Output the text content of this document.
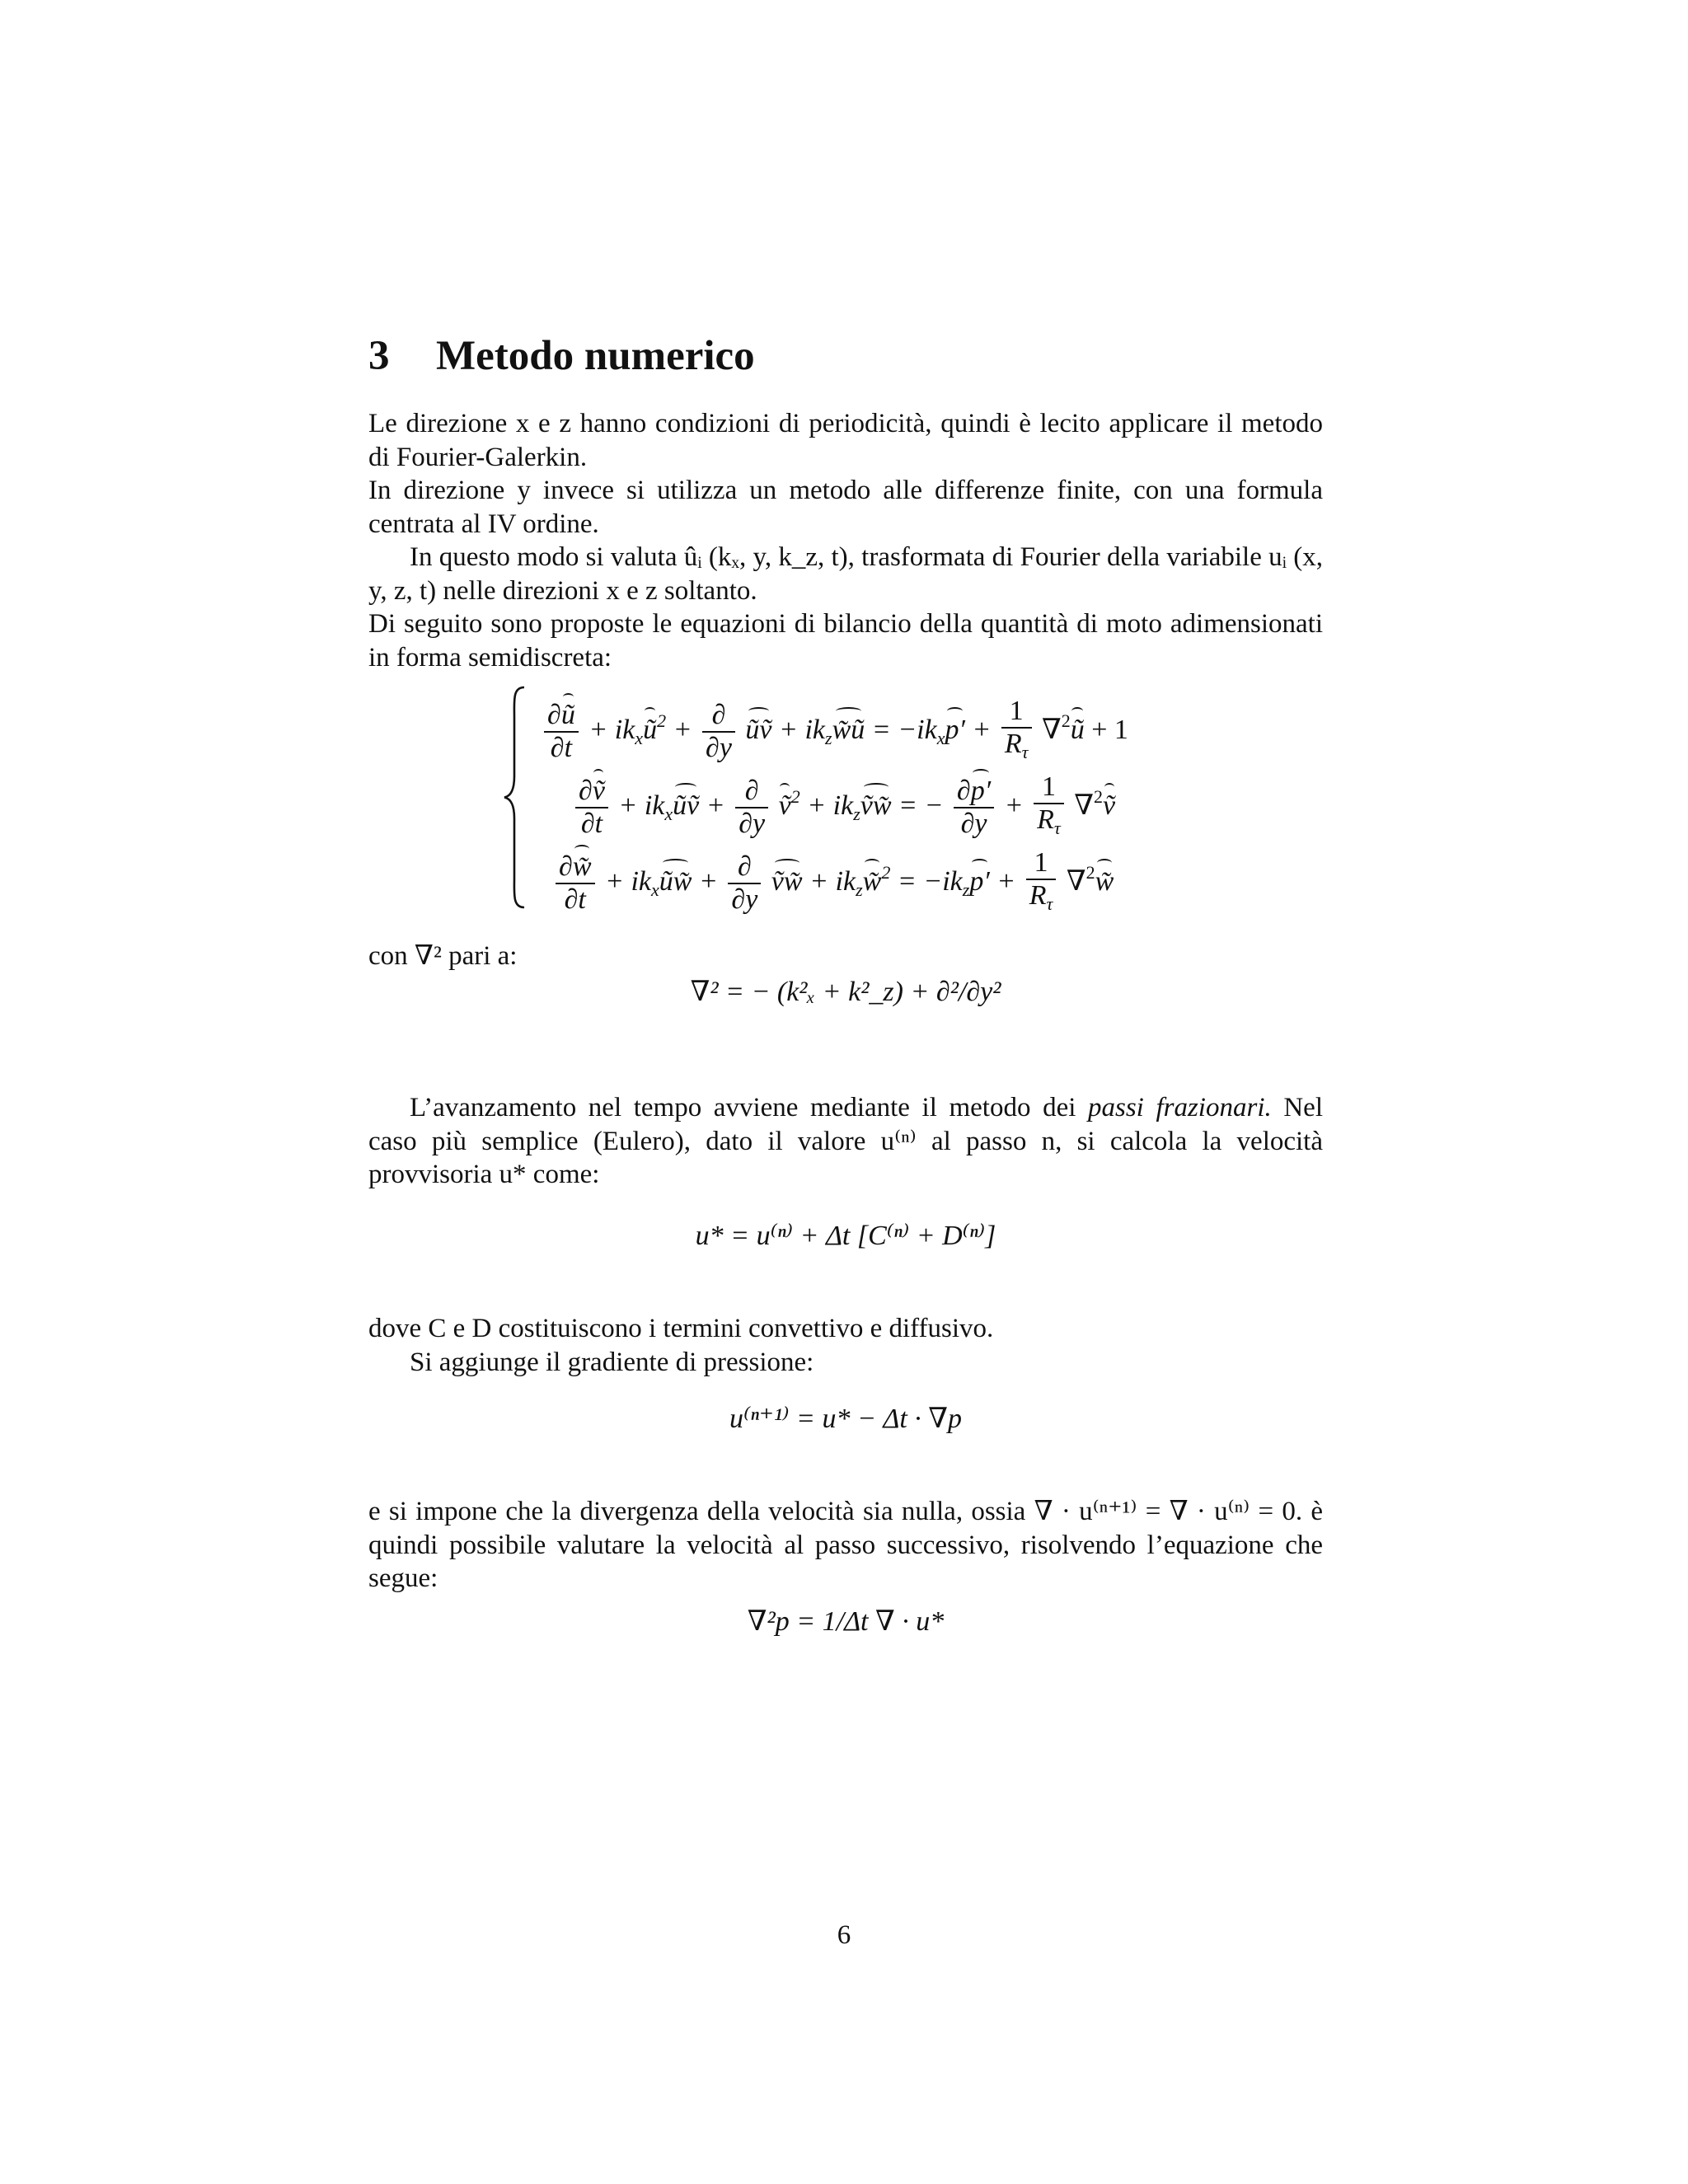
3 Metodo numerico

Le direzione x e z hanno condizioni di periodicità, quindi è lecito applicare il metodo di Fourier-Galerkin.

In direzione y invece si utilizza un metodo alle differenze finite, con una formula centrata al IV ordine.

In questo modo si valuta ûᵢ (kₓ, y, k_z, t), trasformata di Fourier della variabile uᵢ (x, y, z, t) nelle direzioni x e z soltanto.

Di seguito sono proposte le equazioni di bilancio della quantità di moto adimensionati in forma semidiscreta:

$\frac{\partial ũ}{\partial t}$ + $ik_xũ^2 + \frac{\partial}{\partial y}$ ũṽ + $ik_zw̃ũ = -ik_xp' + \frac{1}{R_\tau}$ ∇$^2$ũ + 1
$\frac{\text{∂ṽ}}{\partial t}$ + $ik_xũṽ + \frac{\partial}{\partial y}$ ṽ$^2$ + $ik_zṽw̃$ = − $\frac{\partial p'}{\partial y} + \frac{1}{R_\tau}$ ∇$^2$ṽ
$\frac{\partial w̃}{\partial t}$ + $ik_xũw̃ + \frac{\partial}{\partial y}$ ṽw̃ + $ik_zw̃^2 = -ik_zp' + \frac{1}{R_\tau}$ ∇$^2$w̃

con ∇² pari a:

∇² = − (k²ₓ + k²_z) + ∂²/∂y²

L’avanzamento nel tempo avviene mediante il metodo dei passi frazionari. Nel caso più semplice (Eulero), dato il valore u⁽ⁿ⁾ al passo n, si calcola la velocità provvisoria u* come:

u* = u⁽ⁿ⁾ + Δt [C⁽ⁿ⁾ + D⁽ⁿ⁾]

dove C e D costituiscono i termini convettivo e diffusivo.

Si aggiunge il gradiente di pressione:

u⁽ⁿ⁺¹⁾ = u* − Δt · ∇p

e si impone che la divergenza della velocità sia nulla, ossia ∇ · u⁽ⁿ⁺¹⁾ = ∇ · u⁽ⁿ⁾ = 0. è quindi possibile valutare la velocità al passo successivo, risolvendo l’equazione che segue:

∇²p = 1/Δt ∇ · u*
6
